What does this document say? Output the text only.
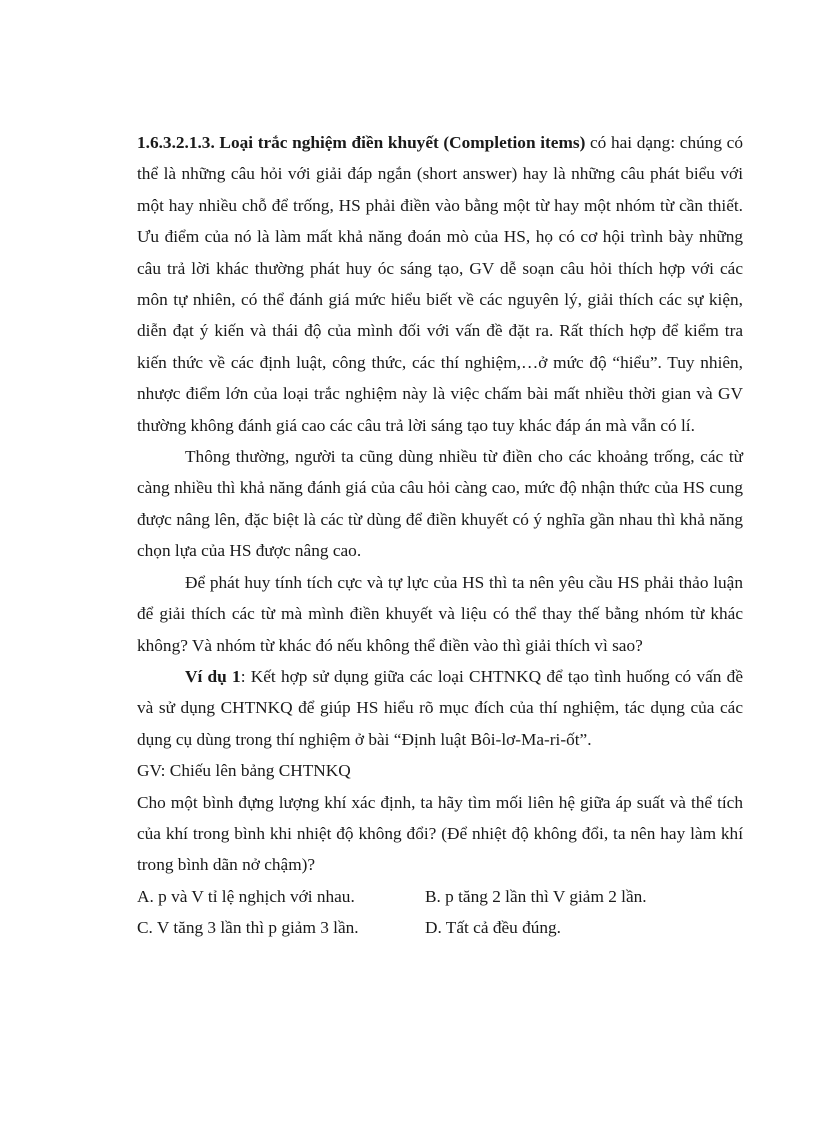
1.6.3.2.1.3. Loại trắc nghiệm điền khuyết (Completion items) có hai dạng: chúng có thể là những câu hỏi với giải đáp ngắn (short answer) hay là những câu phát biểu với một hay nhiều chỗ để trống, HS phải điền vào bằng một từ hay một nhóm từ cần thiết. Ưu điểm của nó là làm mất khả năng đoán mò của HS, họ có cơ hội trình bày những câu trả lời khác thường phát huy óc sáng tạo, GV dễ soạn câu hỏi thích hợp với các môn tự nhiên, có thể đánh giá mức hiểu biết về các nguyên lý, giải thích các sự kiện, diễn đạt ý kiến và thái độ của mình đối với vấn đề đặt ra. Rất thích hợp để kiểm tra kiến thức về các định luật, công thức, các thí nghiệm,…ở mức độ “hiểu”. Tuy nhiên, nhược điểm lớn của loại trắc nghiệm này là việc chấm bài mất nhiều thời gian và GV thường không đánh giá cao các câu trả lời sáng tạo tuy khác đáp án mà vẫn có lí.

Thông thường, người ta cũng dùng nhiều từ điền cho các khoảng trống, các từ càng nhiều thì khả năng đánh giá của câu hỏi càng cao, mức độ nhận thức của HS cung được nâng lên, đặc biệt là các từ dùng để điền khuyết có ý nghĩa gần nhau thì khả năng chọn lựa của HS được nâng cao.

Để phát huy tính tích cực và tự lực của HS thì ta nên yêu cầu HS phải thảo luận để giải thích các từ mà mình điền khuyết và liệu có thể thay thế bằng nhóm từ khác không? Và nhóm từ khác đó nếu không thể điền vào thì giải thích vì sao?

Ví dụ 1: Kết hợp sử dụng giữa các loại CHTNKQ để tạo tình huống có vấn đề và sử dụng CHTNKQ để giúp HS hiểu rõ mục đích của thí nghiệm, tác dụng của các dụng cụ dùng trong thí nghiệm ở bài “Định luật Bôi-lơ-Ma-ri-ốt”.

GV: Chiếu lên bảng CHTNKQ

Cho một bình đựng lượng khí xác định, ta hãy tìm mối liên hệ giữa áp suất và thể tích của khí trong bình khi nhiệt độ không đổi? (Để nhiệt độ không đổi, ta nên hay làm khí trong bình dãn nở chậm)?

A. p và V tỉ lệ nghịch với nhau.	B. p tăng 2 lần thì V giảm 2 lần.
C. V tăng 3 lần thì p giảm 3 lần.	D. Tất cả đều đúng.
